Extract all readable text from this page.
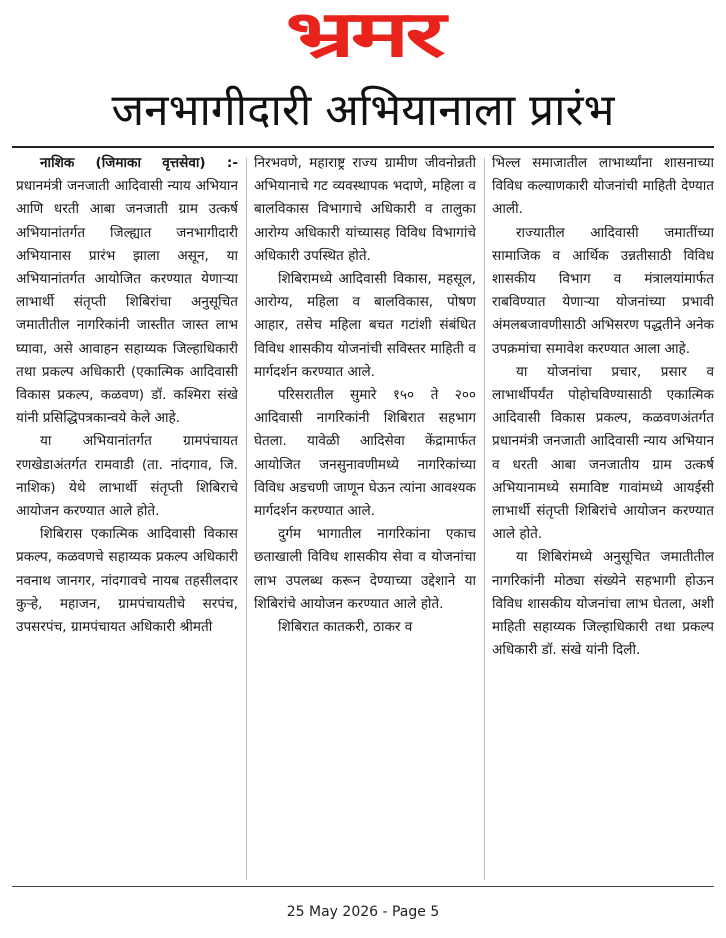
भ्रमर
जनभागीदारी अभियानाला प्रारंभ

नाशिक (जिमाका वृत्तसेवा) :- प्रधानमंत्री जनजाती आदिवासी न्याय अभियान आणि धरती आबा जनजाती ग्राम उत्कर्ष अभियानांतर्गत जिल्ह्यात जनभागीदारी अभियानास प्रारंभ झाला असून, या अभियानांतर्गत आयोजित करण्यात येणाऱ्या लाभार्थी संतृप्ती शिबिरांचा अनुसूचित जमातीतील नागरिकांनी जास्तीत जास्त लाभ घ्यावा, असे आवाहन सहाय्यक जिल्हाधिकारी तथा प्रकल्प अधिकारी (एकात्मिक आदिवासी विकास प्रकल्प, कळवण) डॉ. कश्मिरा संखे यांनी प्रसिद्धिपत्रकान्वये केले आहे.

या अभियानांतर्गत ग्रामपंचायत रणखेडाअंतर्गत रामवाडी (ता. नांदगाव, जि. नाशिक) येथे लाभार्थी संतृप्ती शिबिराचे आयोजन करण्यात आले होते.

शिबिरास एकात्मिक आदिवासी विकास प्रकल्प, कळवणचे सहाय्यक प्रकल्प अधिकारी नवनाथ जानगर, नांदगावचे नायब तहसीलदार कुऱ्हे, महाजन, ग्रामपंचायतीचे सरपंच, उपसरपंच, ग्रामपंचायत अधिकारी श्रीमती

निरभवणे, महाराष्ट्र राज्य ग्रामीण जीवनोन्नती अभियानाचे गट व्यवस्थापक भदाणे, महिला व बालविकास विभागाचे अधिकारी व तालुका आरोग्य अधिकारी यांच्यासह विविध विभागांचे अधिकारी उपस्थित होते.

शिबिरामध्ये आदिवासी विकास, महसूल, आरोग्य, महिला व बालविकास, पोषण आहार, तसेच महिला बचत गटांशी संबंधित विविध शासकीय योजनांची सविस्तर माहिती व मार्गदर्शन करण्यात आले.

परिसरातील सुमारे १५० ते २०० आदिवासी नागरिकांनी शिबिरात सहभाग घेतला. यावेळी आदिसेवा केंद्रामार्फत आयोजित जनसुनावणीमध्ये नागरिकांच्या विविध अडचणी जाणून घेऊन त्यांना आवश्यक मार्गदर्शन करण्यात आले.

दुर्गम भागातील नागरिकांना एकाच छताखाली विविध शासकीय सेवा व योजनांचा लाभ उपलब्ध करून देण्याच्या उद्देशाने या शिबिरांचे आयोजन करण्यात आले होते.

शिबिरात कातकरी, ठाकर व

भिल्ल समाजातील लाभार्थ्यांना शासनाच्या विविध कल्याणकारी योजनांची माहिती देण्यात आली.

राज्यातील आदिवासी जमातींच्या सामाजिक व आर्थिक उन्नतीसाठी विविध शासकीय विभाग व मंत्रालयांमार्फत राबविण्यात येणाऱ्या योजनांच्या प्रभावी अंमलबजावणीसाठी अभिसरण पद्धतीने अनेक उपक्रमांचा समावेश करण्यात आला आहे.

या योजनांचा प्रचार, प्रसार व लाभार्थीपर्यंत पोहोचविण्यासाठी एकात्मिक आदिवासी विकास प्रकल्प, कळवणअंतर्गत प्रधानमंत्री जनजाती आदिवासी न्याय अभियान व धरती आबा जनजातीय ग्राम उत्कर्ष अभियानामध्ये समाविष्ट गावांमध्ये आयईसी लाभार्थी संतृप्ती शिबिरांचे आयोजन करण्यात आले होते.

या शिबिरांमध्ये अनुसूचित जमातीतील नागरिकांनी मोठ्या संख्येने सहभागी होऊन विविध शासकीय योजनांचा लाभ घेतला, अशी माहिती सहाय्यक जिल्हाधिकारी तथा प्रकल्प अधिकारी डॉ. संखे यांनी दिली.

25 May 2026 - Page 5
